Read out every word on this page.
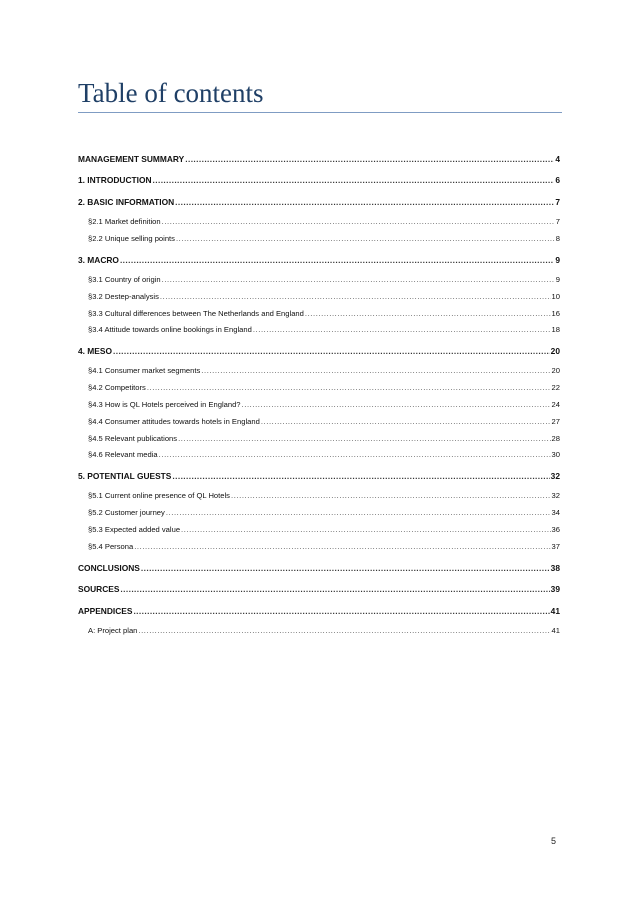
Table of contents
MANAGEMENT SUMMARY .....	4
1. INTRODUCTION .....	6
2. BASIC INFORMATION .....	7
§2.1 Market definition .....	7
§2.2 Unique selling points .....	8
3. MACRO .....	9
§3.1 Country of origin .....	9
§3.2 Destep-analysis .....	10
§3.3 Cultural differences between The Netherlands and England .....	16
§3.4 Attitude towards online bookings in England .....	18
4. MESO .....	20
§4.1 Consumer market segments .....	20
§4.2 Competitors .....	22
§4.3 How is QL Hotels perceived in England? .....	24
§4.4 Consumer attitudes towards hotels in England .....	27
§4.5 Relevant publications .....	28
§4.6 Relevant media .....	30
5. POTENTIAL GUESTS .....	32
§5.1 Current online presence of QL Hotels .....	32
§5.2 Customer journey .....	34
§5.3 Expected added value .....	36
§5.4 Persona .....	37
CONCLUSIONS .....	38
SOURCES .....	39
APPENDICES .....	41
A: Project plan .....	41
5
